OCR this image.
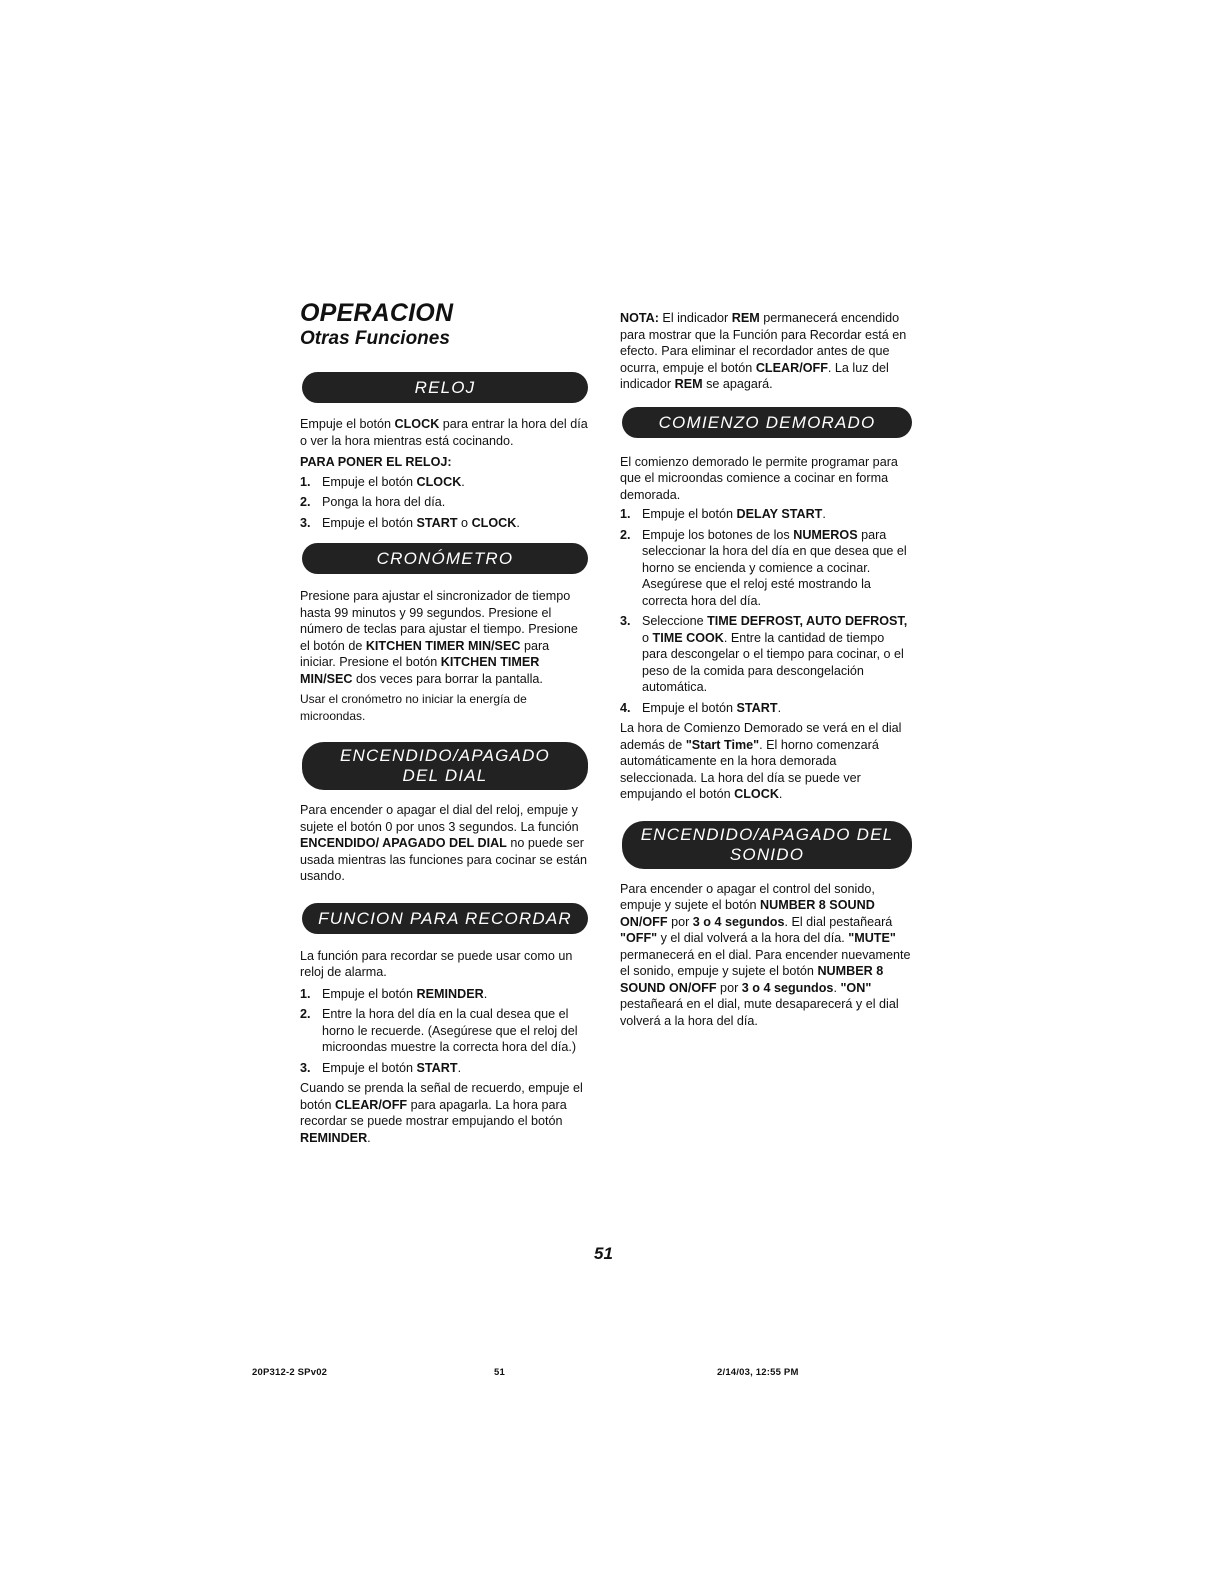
OPERACION
Otras Funciones
RELOJ

Empuje el botón CLOCK para entrar la hora del día o ver la hora mientras está cocinando.

PARA PONER EL RELOJ:

1. Empuje el botón CLOCK.
2. Ponga la hora del día.
3. Empuje el botón START o CLOCK.
CRONÓMETRO

Presione para ajustar el sincronizador de tiempo hasta 99 minutos y 99 segundos. Presione el número de teclas para ajustar el tiempo. Presione el botón de KITCHEN TIMER MIN/SEC para iniciar. Presione el botón KITCHEN TIMER MIN/SEC dos veces para borrar la pantalla.

Usar el cronómetro no iniciar la energía de microondas.

ENCENDIDO/APAGADO
DEL DIAL

Para encender o apagar el dial del reloj, empuje y sujete el botón 0 por unos 3 segundos. La función ENCENDIDO/ APAGADO DEL DIAL no puede ser usada mientras las funciones para cocinar se están usando.

FUNCION PARA RECORDAR

La función para recordar se puede usar como un reloj de alarma.

1. Empuje el botón REMINDER.
2. Entre la hora del día en la cual desea que el horno le recuerde. (Asegúrese que el reloj del microondas muestre la correcta hora del día.)
3. Empuje el botón START.

Cuando se prenda la señal de recuerdo, empuje el botón CLEAR/OFF para apagarla. La hora para recordar se puede mostrar empujando el botón REMINDER.

NOTA: El indicador REM permanecerá encendido para mostrar que la Función para Recordar está en efecto. Para eliminar el recordador antes de que ocurra, empuje el botón CLEAR/OFF. La luz del indicador REM se apagará.

COMIENZO DEMORADO

El comienzo demorado le permite programar para que el microondas comience a cocinar en forma demorada.

1. Empuje el botón DELAY START.
2. Empuje los botones de los NUMEROS para seleccionar la hora del día en que desea que el horno se encienda y comience a cocinar. Asegúrese que el reloj esté mostrando la correcta hora del día.
3. Seleccione TIME DEFROST, AUTO DEFROST, o TIME COOK. Entre la cantidad de tiempo para descongelar o el tiempo para cocinar, o el peso de la comida para descongelación automática.
4. Empuje el botón START.

La hora de Comienzo Demorado se verá en el dial además de "Start Time". El horno comenzará automáticamente en la hora demorada seleccionada. La hora del día se puede ver empujando el botón CLOCK.

ENCENDIDO/APAGADO DEL
SONIDO

Para encender o apagar el control del sonido, empuje y sujete el botón NUMBER 8 SOUND ON/OFF por 3 o 4 segundos. El dial pestañeará "OFF" y el dial volverá a la hora del día. "MUTE" permanecerá en el dial. Para encender nuevamente el sonido, empuje y sujete el botón NUMBER 8 SOUND ON/OFF por 3 o 4 segundos. "ON" pestañeará en el dial, mute desaparecerá y el dial volverá a la hora del día.

51
20P312-2 SPv02	51	2/14/03, 12:55 PM
